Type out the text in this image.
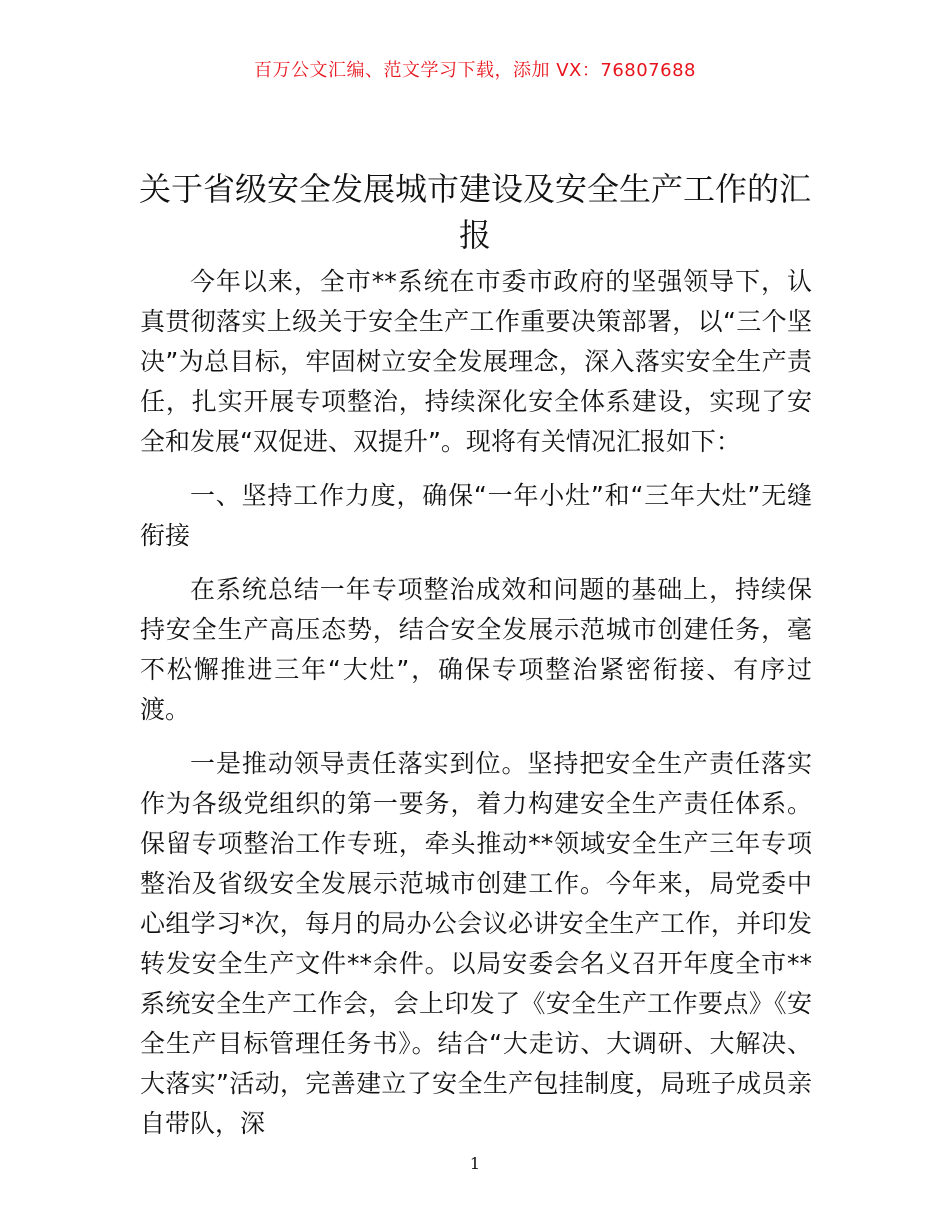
百万公文汇编、范文学习下载，添加 VX：76807688
关于省级安全发展城市建设及安全生产工作的汇报

今年以来，全市**系统在市委市政府的坚强领导下，认真贯彻落实上级关于安全生产工作重要决策部署，以“三个坚决”为总目标，牢固树立安全发展理念，深入落实安全生产责任，扎实开展专项整治，持续深化安全体系建设，实现了安全和发展“双促进、双提升”。现将有关情况汇报如下：

一、坚持工作力度，确保“一年小灶”和“三年大灶”无缝衔接

在系统总结一年专项整治成效和问题的基础上，持续保持安全生产高压态势，结合安全发展示范城市创建任务，毫不松懈推进三年“大灶”，确保专项整治紧密衔接、有序过渡。

一是推动领导责任落实到位。坚持把安全生产责任落实作为各级党组织的第一要务，着力构建安全生产责任体系。保留专项整治工作专班，牵头推动**领域安全生产三年专项整治及省级安全发展示范城市创建工作。今年来，局党委中心组学习*次，每月的局办公会议必讲安全生产工作，并印发转发安全生产文件**余件。以局安委会名义召开年度全市**系统安全生产工作会，会上印发了《安全生产工作要点》《安全生产目标管理任务书》。结合“大走访、大调研、大解决、大落实”活动，完善建立了安全生产包挂制度，局班子成员亲自带队，深

1
